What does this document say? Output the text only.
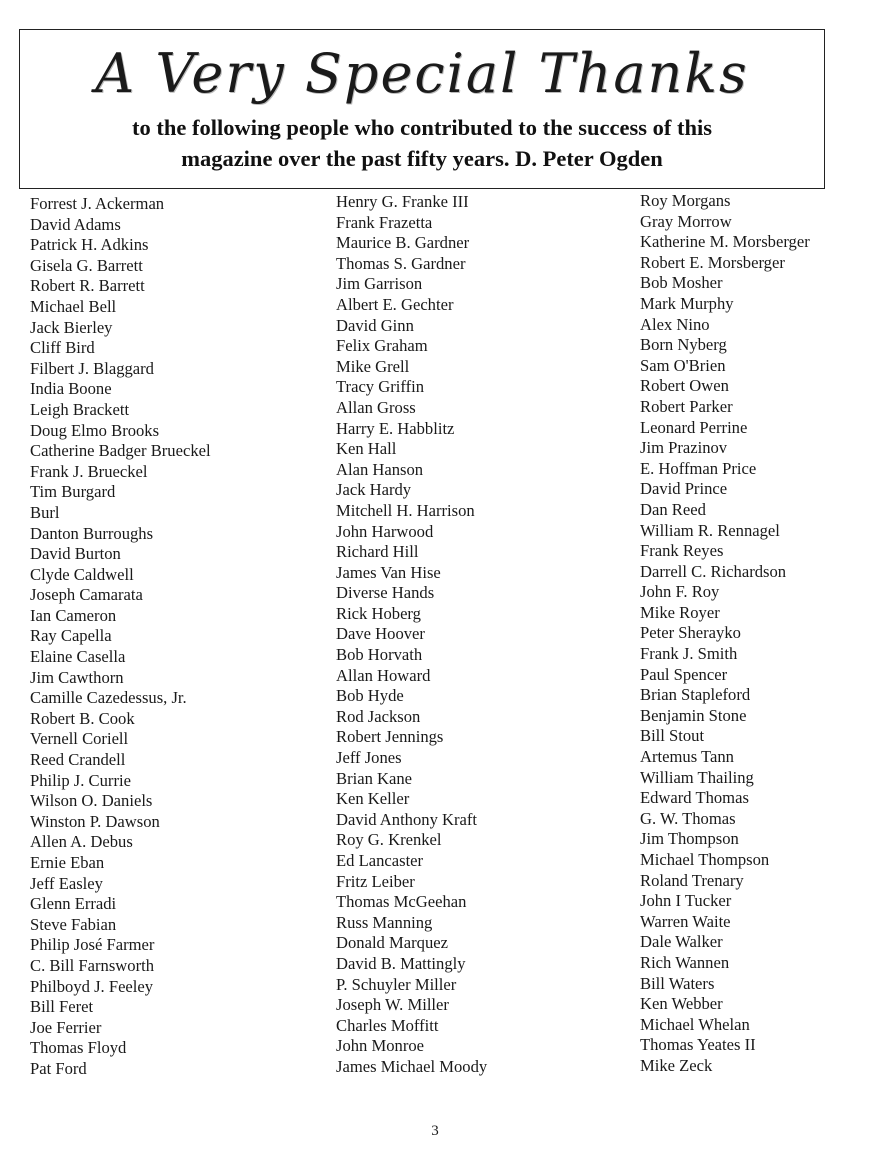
A Very Special Thanks
to the following people who contributed to the success of this
magazine over the past fifty years. D. Peter Ogden
Forrest J. Ackerman
David Adams
Patrick H. Adkins
Gisela G. Barrett
Robert R. Barrett
Michael Bell
Jack Bierley
Cliff Bird
Filbert J. Blaggard
India Boone
Leigh Brackett
Doug Elmo Brooks
Catherine Badger Brueckel
Frank J. Brueckel
Tim Burgard
Burl
Danton Burroughs
David Burton
Clyde Caldwell
Joseph Camarata
Ian Cameron
Ray Capella
Elaine Casella
Jim Cawthorn
Camille Cazedessus, Jr.
Robert B. Cook
Vernell Coriell
Reed Crandell
Philip J. Currie
Wilson O. Daniels
Winston P. Dawson
Allen A. Debus
Ernie Eban
Jeff Easley
Glenn Erradi
Steve Fabian
Philip José Farmer
C. Bill Farnsworth
Philboyd J. Feeley
Bill Feret
Joe Ferrier
Thomas Floyd
Pat Ford
Henry G. Franke III
Frank Frazetta
Maurice B. Gardner
Thomas S. Gardner
Jim Garrison
Albert E. Gechter
David Ginn
Felix Graham
Mike Grell
Tracy Griffin
Allan Gross
Harry E. Habblitz
Ken Hall
Alan Hanson
Jack Hardy
Mitchell H. Harrison
John Harwood
Richard Hill
James Van Hise
Diverse Hands
Rick Hoberg
Dave Hoover
Bob Horvath
Allan Howard
Bob Hyde
Rod Jackson
Robert Jennings
Jeff Jones
Brian Kane
Ken Keller
David Anthony Kraft
Roy G. Krenkel
Ed Lancaster
Fritz Leiber
Thomas McGeehan
Russ Manning
Donald Marquez
David B. Mattingly
P. Schuyler Miller
Joseph W. Miller
Charles Moffitt
John Monroe
James Michael Moody
Roy Morgans
Gray Morrow
Katherine M. Morsberger
Robert E. Morsberger
Bob Mosher
Mark Murphy
Alex Nino
Born Nyberg
Sam O'Brien
Robert Owen
Robert Parker
Leonard Perrine
Jim Prazinov
E. Hoffman Price
David Prince
Dan Reed
William R. Rennagel
Frank Reyes
Darrell C. Richardson
John F. Roy
Mike Royer
Peter Sherayko
Frank J. Smith
Paul Spencer
Brian Stapleford
Benjamin Stone
Bill Stout
Artemus Tann
William Thailing
Edward Thomas
G. W. Thomas
Jim Thompson
Michael Thompson
Roland Trenary
John I Tucker
Warren Waite
Dale Walker
Rich Wannen
Bill Waters
Ken Webber
Michael Whelan
Thomas Yeates II
Mike Zeck
3
